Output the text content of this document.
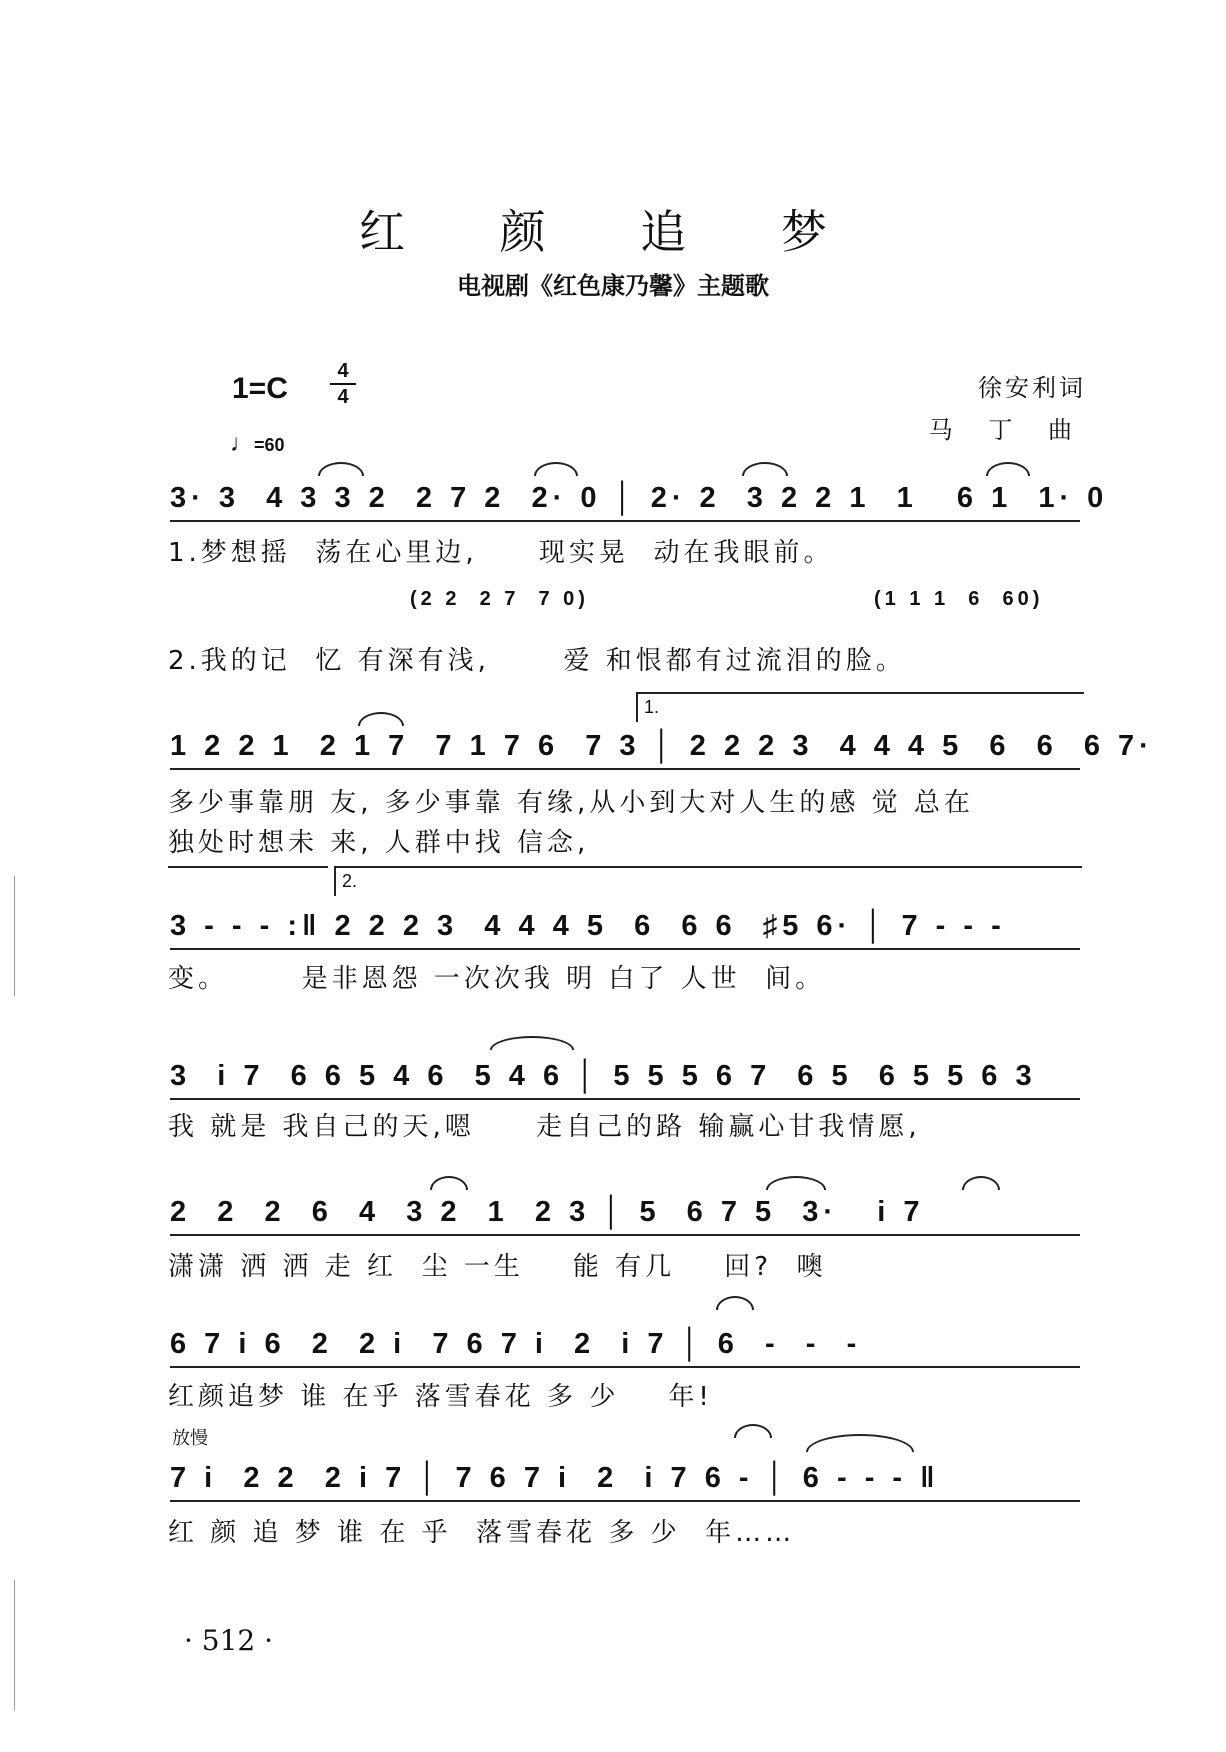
红 颜 追 梦
电视剧《红色康乃馨》主题歌
1=C
4
4
♩=60
徐安利词
马 丁 曲
3· 3  4 3 3 2  2 7 2  2· 0 │ 2· 2  3 2 2 1  1   6 1  1· 0
1.梦想摇  荡在心里边,     现实晃  动在我眼前。
(2 2  2 7  7 0)	(1 1 1  6  60)
2.我的记  忆 有深有浅,      爱 和恨都有过流泪的脸。
1.
1 2 2 1  2 1 7  7 1 7 6  7 3 │ 2 2 2 3  4 4 4 5  6  6  6 7·
多少事靠朋 友, 多少事靠 有缘,从小到大对人生的感 觉 总在
独处时想未 来, 人群中找 信念,
2.
3 - - - :‖ 2 2 2 3  4 4 4 5  6  6 6  ♯5 6· │ 7 - - -
变。      是非恩怨 一次次我 明 白了 人世  间。
3  i 7  6 6 5 4 6  5 4 6 │ 5 5 5 6 7  6 5  6 5 5 6 3
我 就是 我自己的天,嗯     走自己的路 输赢心甘我情愿,
2  2  2  6  4  3 2  1  2 3 │ 5  6 7 5  3·   i 7
潇潇 洒 洒 走 红  尘 一生    能 有几    回?  噢
6 7 i 6  2  2 i  7 6 7 i  2  i 7 │ 6  -  -  -
红颜追梦 谁 在乎 落雪春花 多 少    年!
放慢
7 i  2 2  2 i 7 │ 7 6 7 i  2  i 7 6 - │ 6 - - - ‖
红 颜 追 梦 谁 在 乎  落雪春花 多 少  年……
· 512 ·
